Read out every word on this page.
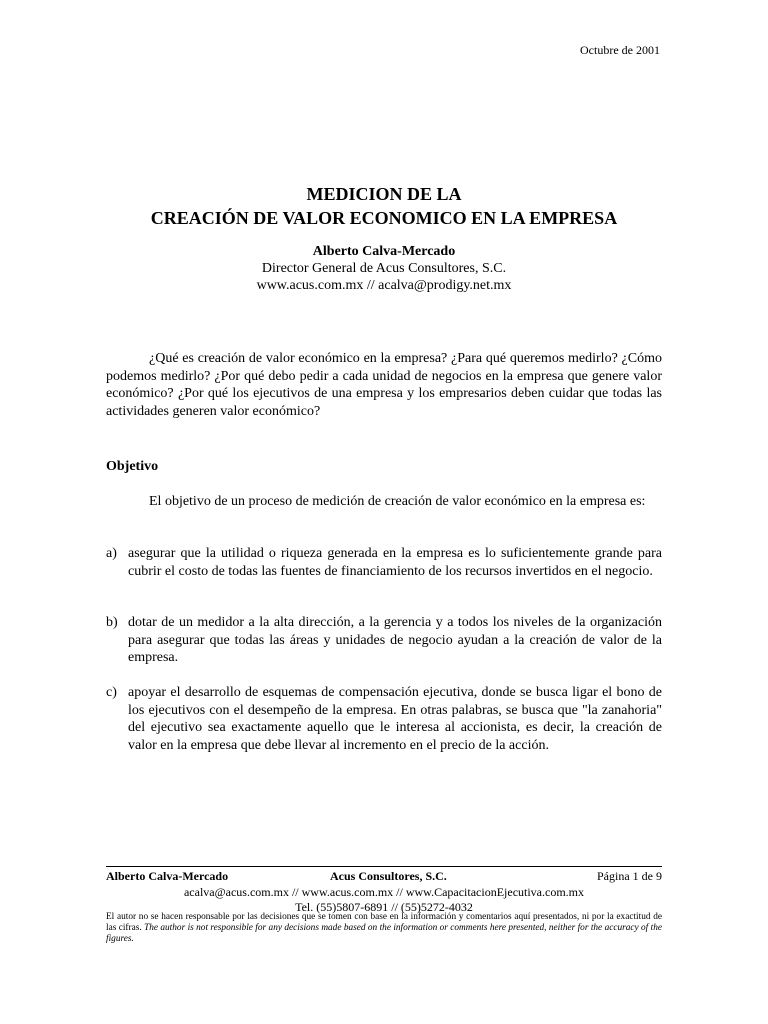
Octubre de 2001
MEDICION DE LA
CREACIÓN DE VALOR ECONOMICO EN LA EMPRESA
Alberto Calva-Mercado
Director General de Acus Consultores, S.C.
www.acus.com.mx // acalva@prodigy.net.mx

¿Qué es creación de valor económico en la empresa? ¿Para qué queremos medirlo? ¿Cómo podemos medirlo? ¿Por qué debo pedir a cada unidad de negocios en la empresa que genere valor económico? ¿Por qué los ejecutivos de una empresa y los empresarios deben cuidar que todas las actividades generen valor económico?

Objetivo

El objetivo de un proceso de medición de creación de valor económico en la empresa es:

a) asegurar que la utilidad o riqueza generada en la empresa es lo suficientemente grande para cubrir el costo de todas las fuentes de financiamiento de los recursos invertidos en el negocio.
b) dotar de un medidor a la alta dirección, a la gerencia y a todos los niveles de la organización para asegurar que todas las áreas y unidades de negocio ayudan a la creación de valor de la empresa.
c) apoyar el desarrollo de esquemas de compensación ejecutiva, donde se busca ligar el bono de los ejecutivos con el desempeño de la empresa. En otras palabras, se busca que "la zanahoria" del ejecutivo sea exactamente aquello que le interesa al accionista, es decir, la creación de valor en la empresa que debe llevar al incremento en el precio de la acción.
Alberto Calva-Mercado	Acus Consultores, S.C.	Página 1 de 9
acalva@acus.com.mx // www.acus.com.mx // www.CapacitacionEjecutiva.com.mx
Tel. (55)5807-6891 // (55)5272-4032
El autor no se hacen responsable por las decisiones que se tomen con base en la información y comentarios aquí presentados, ni por la exactitud de las cifras. The author is not responsible for any decisions made based on the information or comments here presented, neither for the accuracy of the figures.
